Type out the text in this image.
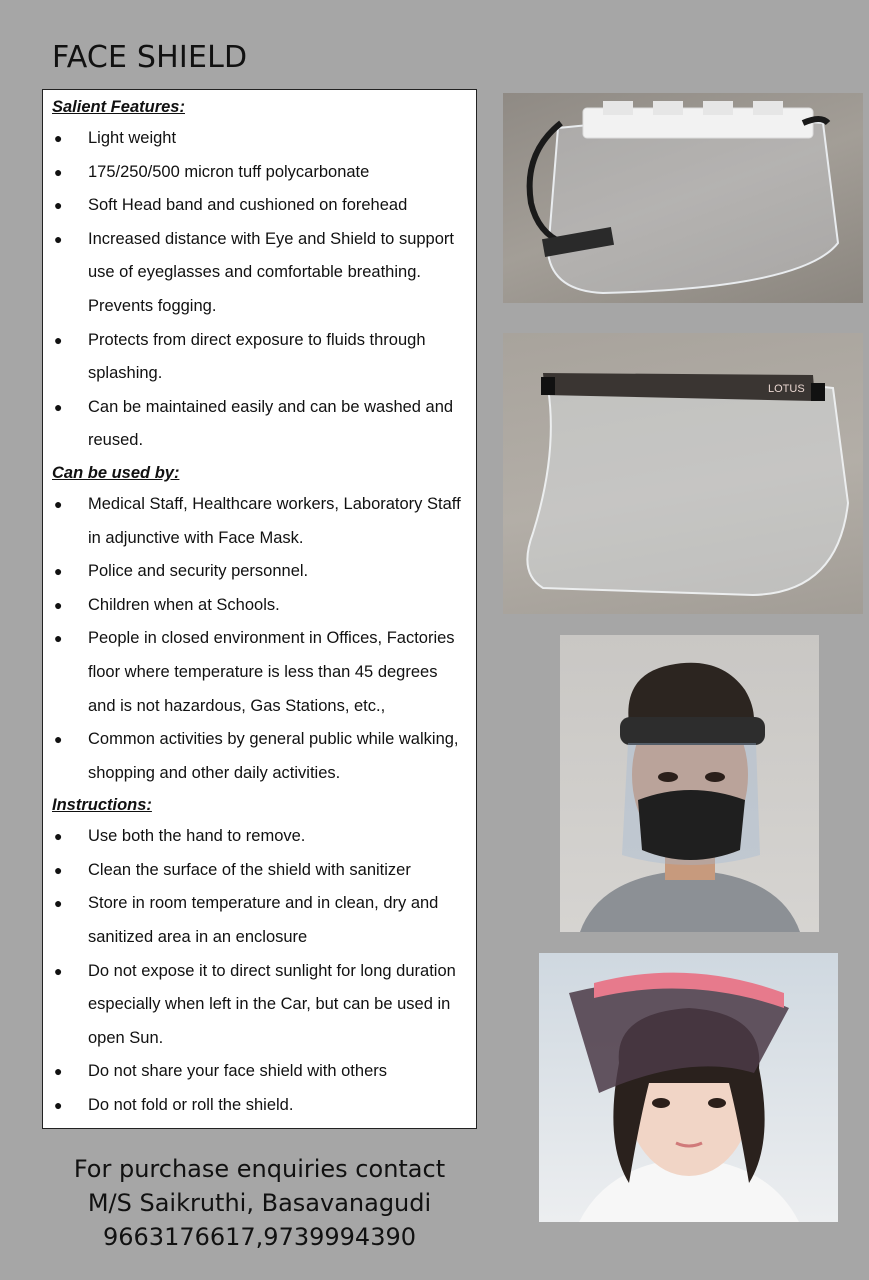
FACE SHIELD
Salient Features:
● Light weight
● 175/250/500 micron tuff polycarbonate
● Soft Head band and cushioned on forehead
● Increased distance with Eye and Shield to support use of eyeglasses and comfortable breathing. Prevents fogging.
● Protects from direct exposure to fluids through splashing.
● Can be maintained easily and can be washed and reused.
Can be used by:
● Medical Staff, Healthcare workers, Laboratory Staff in adjunctive with Face Mask.
● Police and security personnel.
● Children when at Schools.
● People in closed environment in Offices, Factories floor where temperature is less than 45 degrees and is not hazardous, Gas Stations, etc.,
● Common activities by general public while walking, shopping and other daily activities.
Instructions:
● Use both the hand to remove.
● Clean the surface of the shield with sanitizer
● Store in room temperature and in clean, dry and sanitized area in an enclosure
● Do not expose it to direct sunlight for long duration especially when left in the Car, but can be used in open Sun.
● Do not share your face shield with others
● Do not fold or roll the shield.
For purchase enquiries contact
M/S Saikruthi, Basavanagudi
9663176617,9739994390
LOTUS
